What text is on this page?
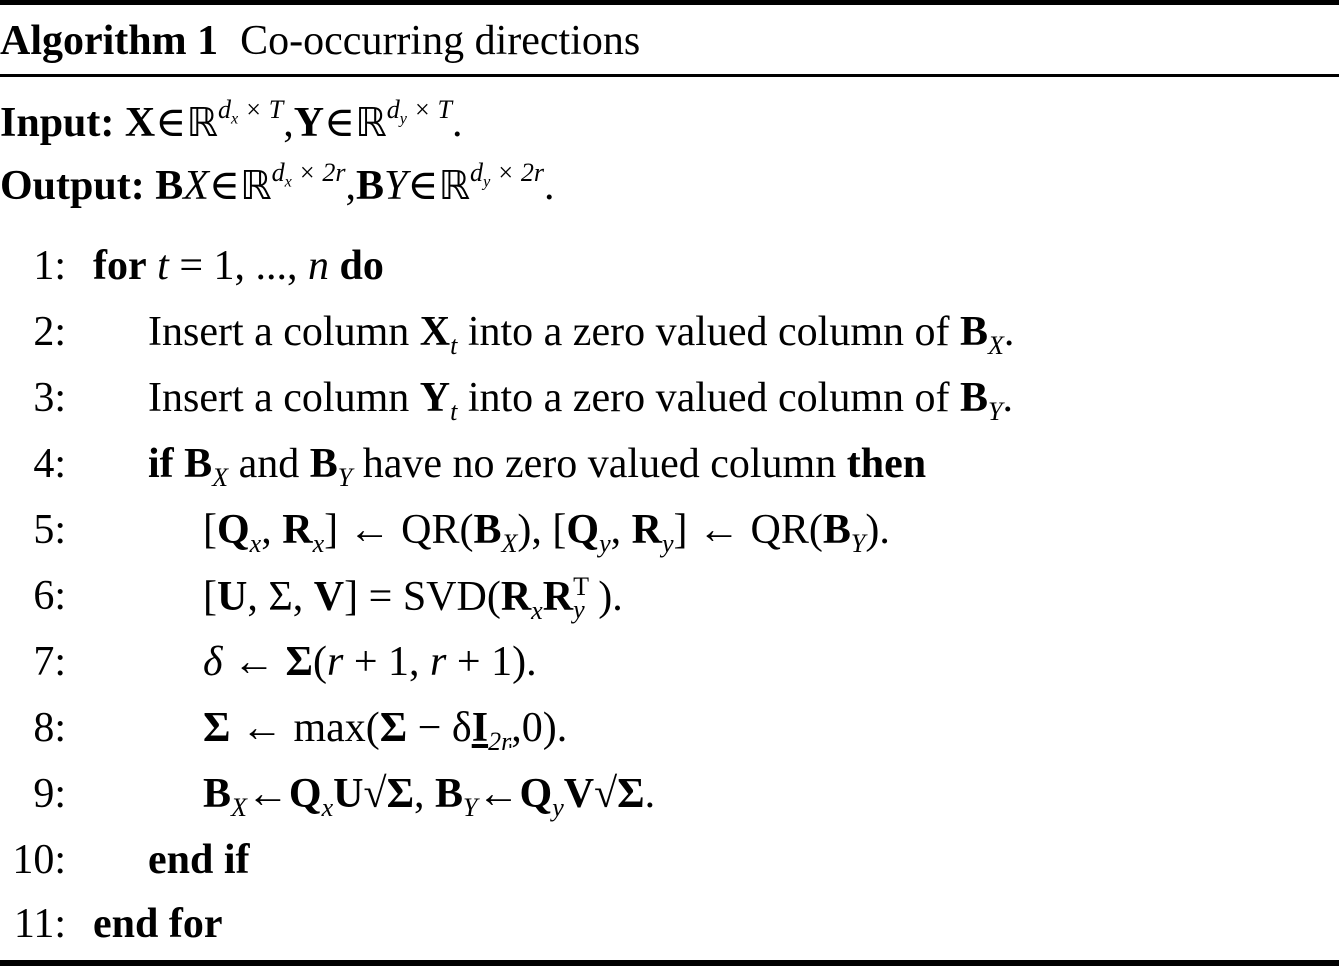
Algorithm 1 Co-occurring directions
Input: X∈ℝ$^{d_x \times T}$,Y∈ℝ$^{d_y \times T}$.
Output: BX∈ℝ$^{d_x \times 2r}$,BY∈ℝ$^{d_y \times 2r}$.
1: for t = 1, ..., n do
2: Insert a column $X_t$ into a zero valued column of $B_X$.
3: Insert a column $Y_t$ into a zero valued column of $B_Y$.
4: if $B_X$ and $B_Y$ have no zero valued column then
5:	[$Q_x$, $R_x$] ← $QR(B_X)$, [$Q_y$, $R_y$] ← $QR(B_Y)$.
6:	[U, Σ, $V] = SVD(R_xR$ T
y ).
7:	δ ← Σ(r + 1, r + 1).
8:	Σ ← $\max(\Sigma - \delta I_{2r},0)$.
9:	$B_X\leftarrow Q_xU√\Sigma$, $B_Y\leftarrow Q_yV√\Sigma$.
10: end if
11: end for
